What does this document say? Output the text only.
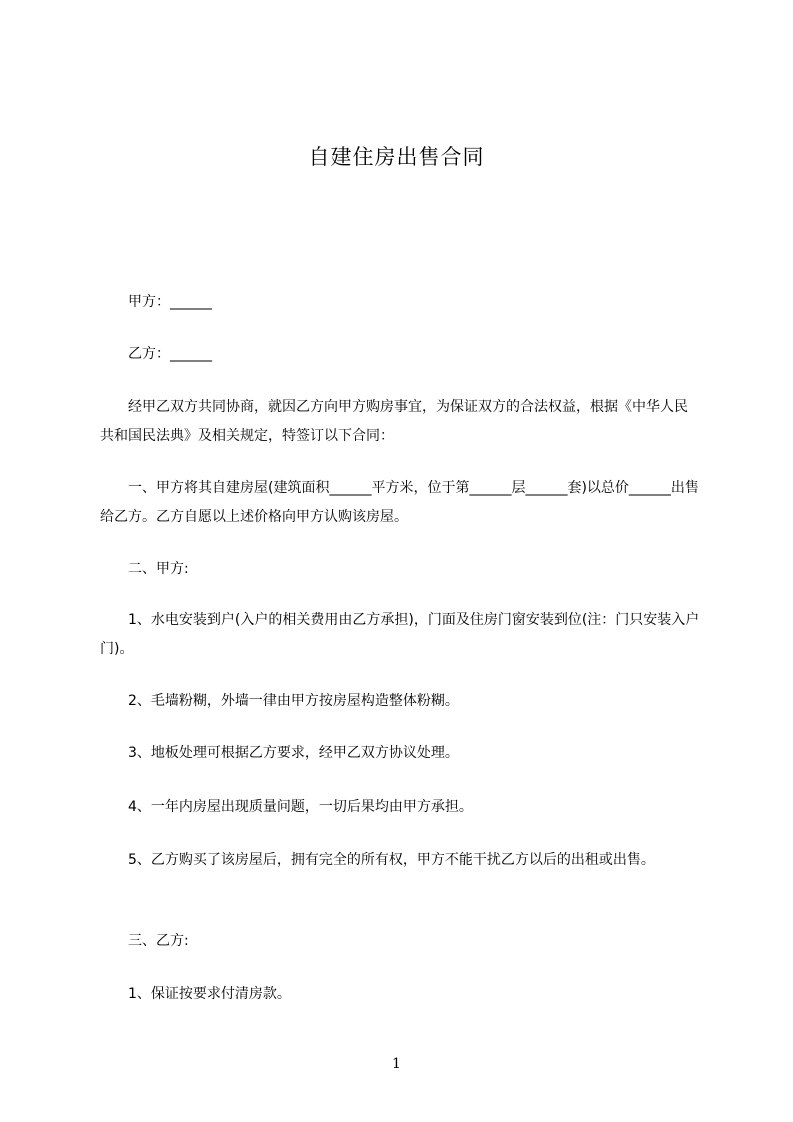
自建住房出售合同
　　甲方：______
　　乙方：______
　　经甲乙双方共同协商，就因乙方向甲方购房事宜，为保证双方的合法权益，根据《中华人民共和国民法典》及相关规定，特签订以下合同：
　　一、甲方将其自建房屋(建筑面积______平方米，位于第______层______套)以总价______出售给乙方。乙方自愿以上述价格向甲方认购该房屋。
　　二、甲方:
　　1、水电安装到户(入户的相关费用由乙方承担)，门面及住房门窗安装到位(注：门只安装入户门)。
　　2、毛墙粉糊，外墙一律由甲方按房屋构造整体粉糊。
　　3、地板处理可根据乙方要求，经甲乙双方协议处理。
　　4、一年内房屋出现质量问题，一切后果均由甲方承担。
　　5、乙方购买了该房屋后，拥有完全的所有权，甲方不能干扰乙方以后的出租或出售。
　　三、乙方:
　　1、保证按要求付清房款。
1
